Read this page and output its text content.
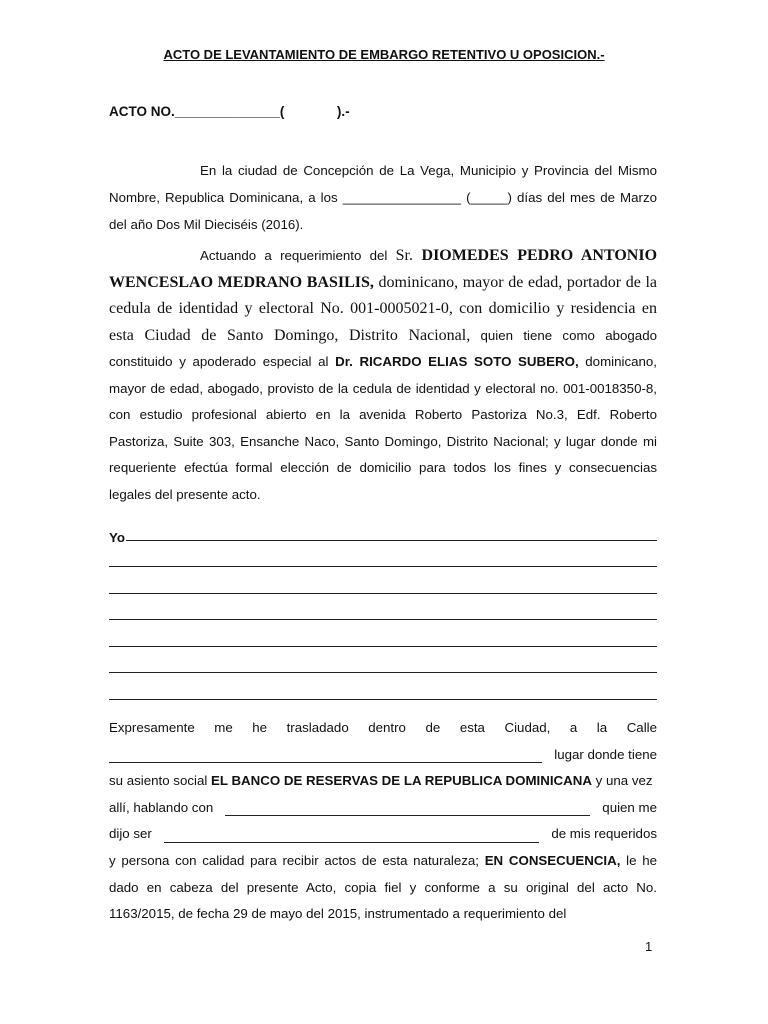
ACTO DE LEVANTAMIENTO DE EMBARGO RETENTIVO U OPOSICION.-
ACTO NO.______________(              ).-

En la ciudad de Concepción de La Vega, Municipio y Provincia del Mismo Nombre, Republica Dominicana, a los ________________ (_____) días del mes de Marzo del año Dos Mil Dieciséis (2016).

Actuando a requerimiento del Sr. DIOMEDES PEDRO ANTONIO WENCESLAO MEDRANO BASILIS, dominicano, mayor de edad, portador de la cedula de identidad y electoral No. 001-0005021-0, con domicilio y residencia en esta Ciudad de Santo Domingo, Distrito Nacional, quien tiene como abogado constituido y apoderado especial al Dr. RICARDO ELIAS SOTO SUBERO, dominicano, mayor de edad, abogado, provisto de la cedula de identidad y electoral no. 001-0018350-8, con estudio profesional abierto en la avenida Roberto Pastoriza No.3, Edf. Roberto Pastoriza, Suite 303, Ensanche Naco, Santo Domingo, Distrito Nacional; y lugar donde mi requeriente efectúa formal elección de domicilio para todos los fines y consecuencias legales del presente acto.

Yo
Expresamente me he trasladado dentro de esta Ciudad, a la Calle
lugar donde tiene
su asiento social EL BANCO DE RESERVAS DE LA REPUBLICA DOMINICANA y una vez
allí, hablando con	quien me
dijo ser	de mis requeridos
y persona con calidad para recibir actos de esta naturaleza; EN CONSECUENCIA, le he
dado en cabeza del presente Acto, copia fiel y conforme a su original del acto No. 1163/2015, de fecha 29 de mayo del 2015, instrumentado a requerimiento del
1
